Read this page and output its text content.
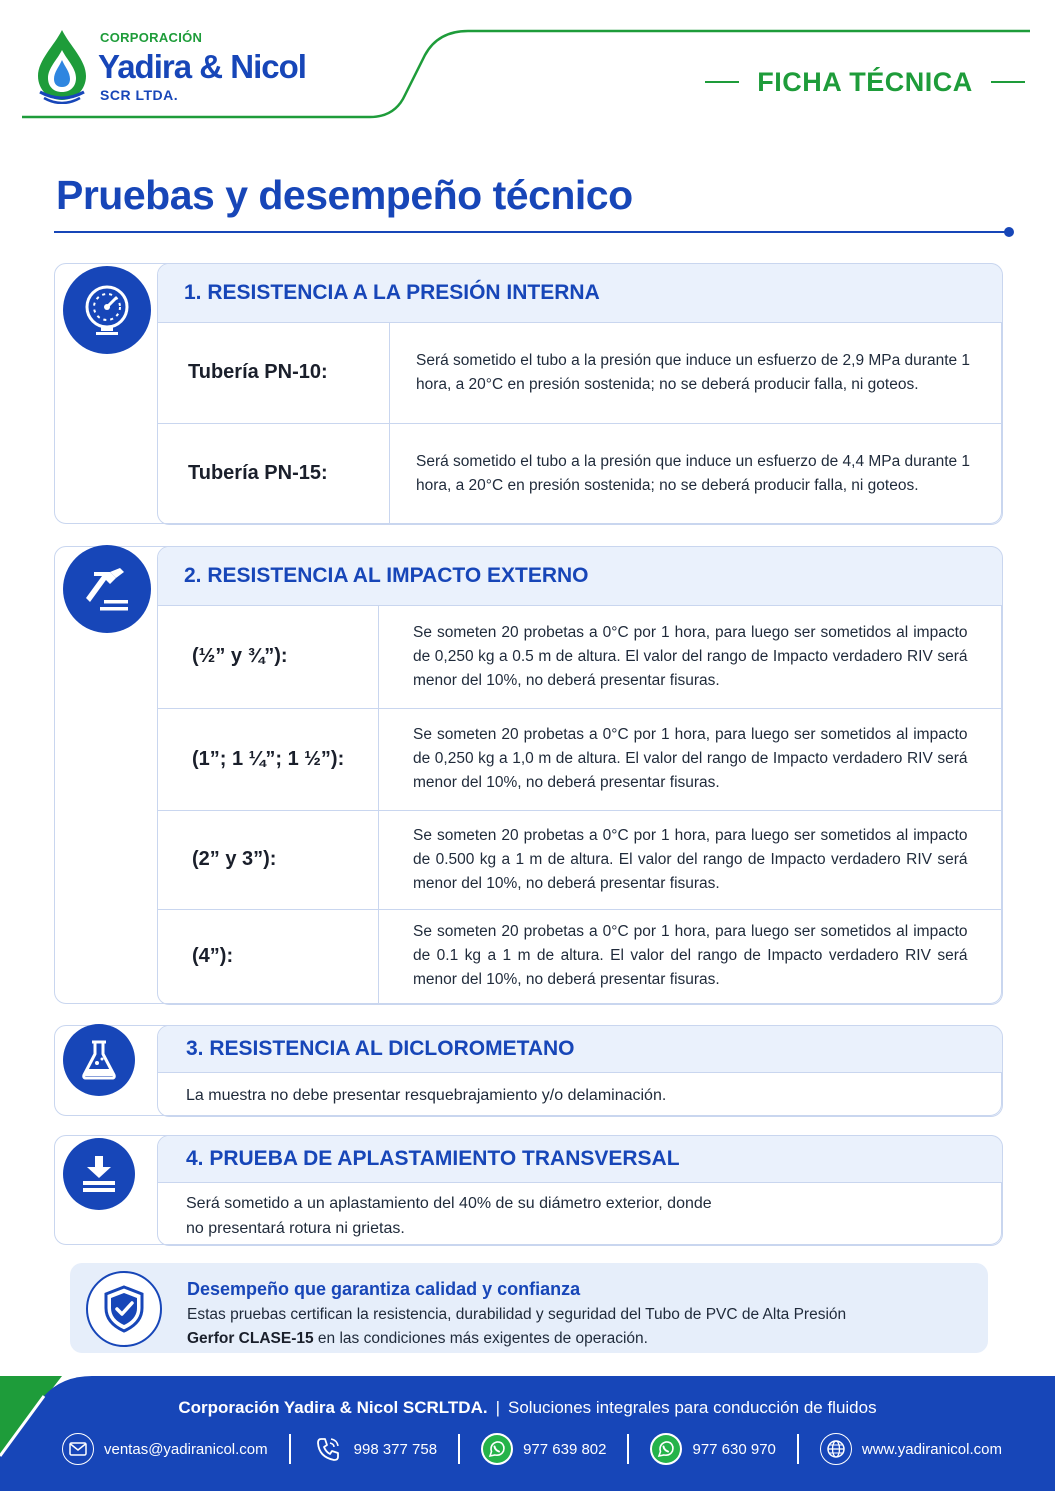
CORPORACIÓN
Yadira & Nicol
SCR LTDA.	FICHA TÉCNICA
Pruebas y desempeño técnico
1. RESISTENCIA A LA PRESIÓN INTERNA
Tubería PN-10:
Será sometido el tubo a la presión que induce un esfuerzo de 2,9 MPa durante 1 hora, a 20°C en presión sostenida; no se deberá producir falla, ni goteos.
Tubería PN-15:
Será sometido el tubo a la presión que induce un esfuerzo de 4,4 MPa durante 1 hora, a 20°C en presión sostenida; no se deberá producir falla, ni goteos.
2. RESISTENCIA AL IMPACTO EXTERNO
(½” y ¾”):
Se someten 20 probetas a 0°C por 1 hora, para luego ser sometidos al impacto de 0,250 kg a 0.5 m de altura. El valor del rango de Impacto verdadero RIV será menor del 10%, no deberá presentar fisuras.
(1”; 1 ¼”; 1 ½”):
Se someten 20 probetas a 0°C por 1 hora, para luego ser sometidos al impacto de 0,250 kg a 1,0 m de altura. El valor del rango de Impacto verdadero RIV será menor del 10%, no deberá presentar fisuras.
(2” y 3”):
Se someten 20 probetas a 0°C por 1 hora, para luego ser sometidos al impacto de 0.500 kg a 1 m de altura. El valor del rango de Impacto verdadero RIV será menor del 10%, no deberá presentar fisuras.
(4”):
Se someten 20 probetas a 0°C por 1 hora, para luego ser sometidos al impacto de 0.1 kg a 1 m de altura. El valor del rango de Impacto verdadero RIV será menor del 10%, no deberá presentar fisuras.
3. RESISTENCIA AL DICLOROMETANO
La muestra no debe presentar resquebrajamiento y/o delaminación.
4. PRUEBA DE APLASTAMIENTO TRANSVERSAL
Será sometido a un aplastamiento del 40% de su diámetro exterior, donde
no presentará rotura ni grietas.
Desempeño que garantiza calidad y confianza
Estas pruebas certifican la resistencia, durabilidad y seguridad del Tubo de PVC de Alta Presión
Gerfor CLASE-15 en las condiciones más exigentes de operación.
Corporación Yadira & Nicol SCRLTDA. | Soluciones integrales para conducción de fluidos
ventas@yadiranicol.com	998 377 758	977 639 802	977 630 970	www.yadiranicol.com
